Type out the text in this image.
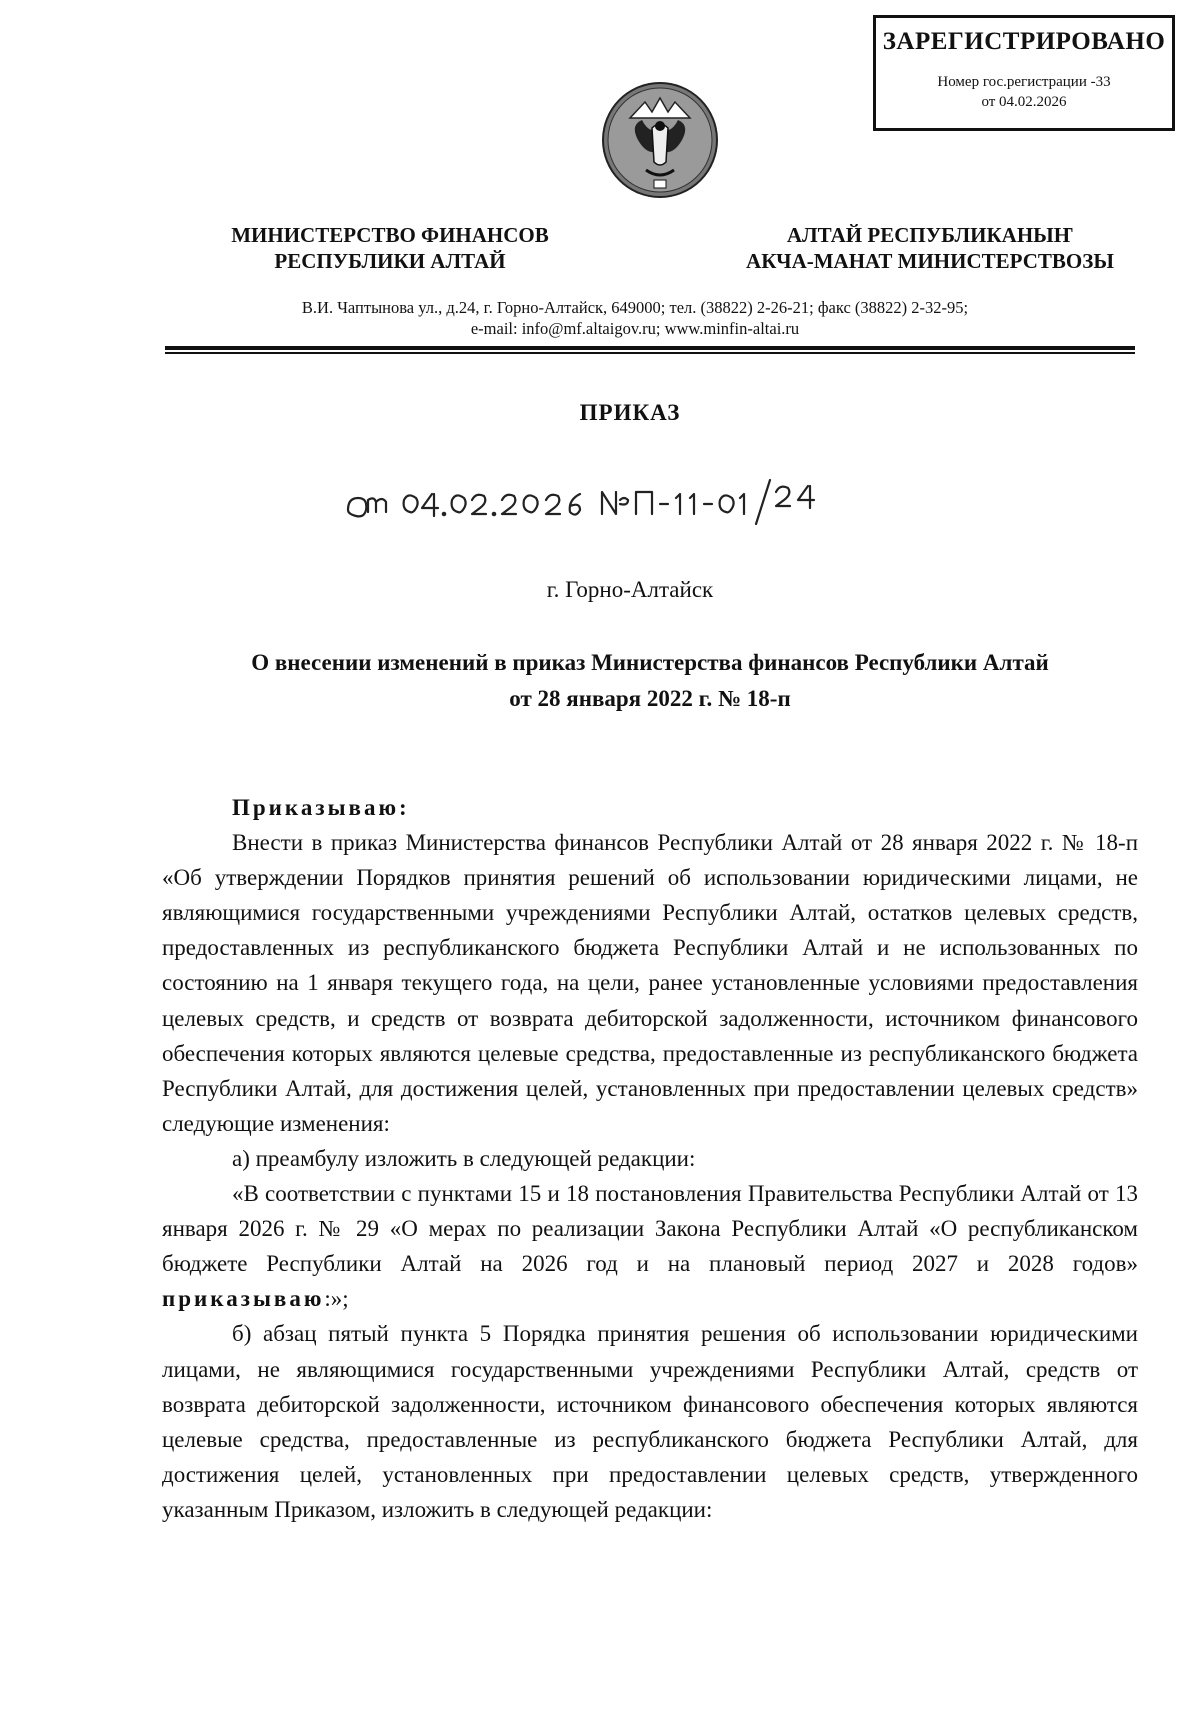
ЗАРЕГИСТРИРОВАНО
Номер гос.регистрации -33
от 04.02.2026
МИНИСТЕРСТВО ФИНАНСОВ
РЕСПУБЛИКИ АЛТАЙ
АЛТАЙ РЕСПУБЛИКАНЫҤ
АКЧА-МАНАТ МИНИСТЕРСТВОЗЫ
В.И. Чаптынова ул., д.24, г. Горно-Алтайск, 649000; тел. (38822) 2-26-21; факс (38822) 2-32-95;
e-mail: info@mf.altaigov.ru; www.minfin-altai.ru
ПРИКАЗ
г. Горно-Алтайск
О внесении изменений в приказ Министерства финансов Республики Алтай
от 28 января 2022 г. № 18-п

Приказываю:

Внести в приказ Министерства финансов Республики Алтай от 28 января 2022 г. № 18-п «Об утверждении Порядков принятия решений об использовании юридическими лицами, не являющимися государственными учреждениями Республики Алтай, остатков целевых средств, предоставленных из республиканского бюджета Республики Алтай и не использованных по состоянию на 1 января текущего года, на цели, ранее установленные условиями предоставления целевых средств, и средств от возврата дебиторской задолженности, источником финансового обеспечения которых являются целевые средства, предоставленные из республиканского бюджета Республики Алтай, для достижения целей, установленных при предоставлении целевых средств» следующие изменения:

а) преамбулу изложить в следующей редакции:

«В соответствии с пунктами 15 и 18 постановления Правительства Республики Алтай от 13 января 2026 г. № 29 «О мерах по реализации Закона Республики Алтай «О республиканском бюджете Республики Алтай на 2026 год и на плановый период 2027 и 2028 годов» приказываю:»;

б) абзац пятый пункта 5 Порядка принятия решения об использовании юридическими лицами, не являющимися государственными учреждениями Республики Алтай, средств от возврата дебиторской задолженности, источником финансового обеспечения которых являются целевые средства, предоставленные из республиканского бюджета Республики Алтай, для достижения целей, установленных при предоставлении целевых средств, утвержденного указанным Приказом, изложить в следующей редакции:
